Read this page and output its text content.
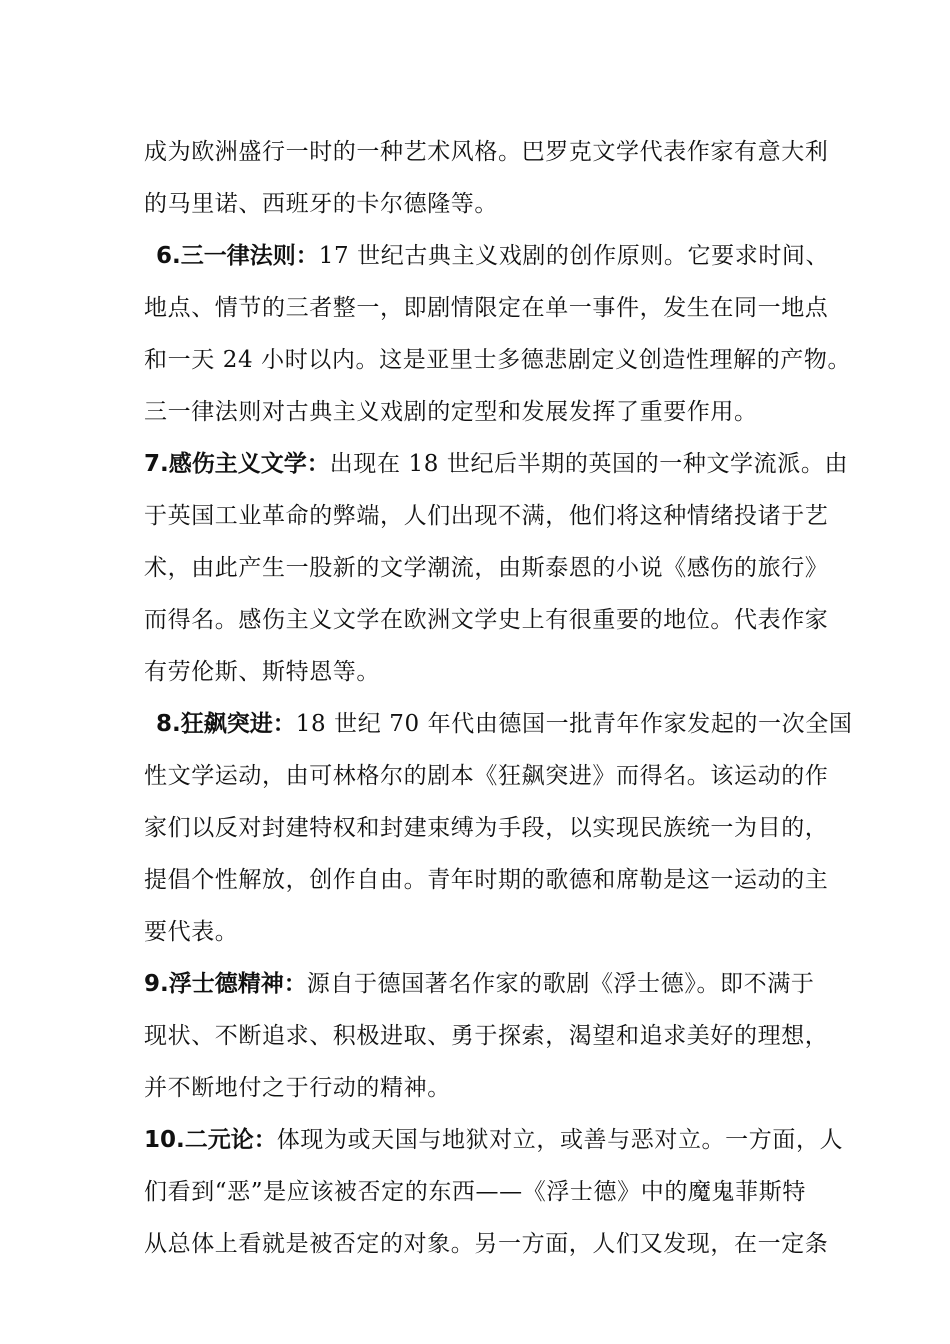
成为欧洲盛行一时的一种艺术风格。巴罗克文学代表作家有意大利
的马里诺、西班牙的卡尔德隆等。
6.三一律法则：17 世纪古典主义戏剧的创作原则。它要求时间、
地点、情节的三者整一，即剧情限定在单一事件，发生在同一地点
和一天 24 小时以内。这是亚里士多德悲剧定义创造性理解的产物。
三一律法则对古典主义戏剧的定型和发展发挥了重要作用。
7.感伤主义文学：出现在 18 世纪后半期的英国的一种文学流派。由
于英国工业革命的弊端，人们出现不满，他们将这种情绪投诸于艺
术，由此产生一股新的文学潮流，由斯泰恩的小说《感伤的旅行》
而得名。感伤主义文学在欧洲文学史上有很重要的地位。代表作家
有劳伦斯、斯特恩等。
8.狂飙突进：18 世纪 70 年代由德国一批青年作家发起的一次全国
性文学运动，由可林格尔的剧本《狂飙突进》而得名。该运动的作
家们以反对封建特权和封建束缚为手段，以实现民族统一为目的，
提倡个性解放，创作自由。青年时期的歌德和席勒是这一运动的主
要代表。
9.浮士德精神：源自于德国著名作家的歌剧《浮士德》。即不满于
现状、不断追求、积极进取、勇于探索，渴望和追求美好的理想，
并不断地付之于行动的精神。
10.二元论：体现为或天国与地狱对立，或善与恶对立。一方面，人
们看到“恶”是应该被否定的东西——《浮士德》中的魔鬼菲斯特
从总体上看就是被否定的对象。另一方面，人们又发现，在一定条
